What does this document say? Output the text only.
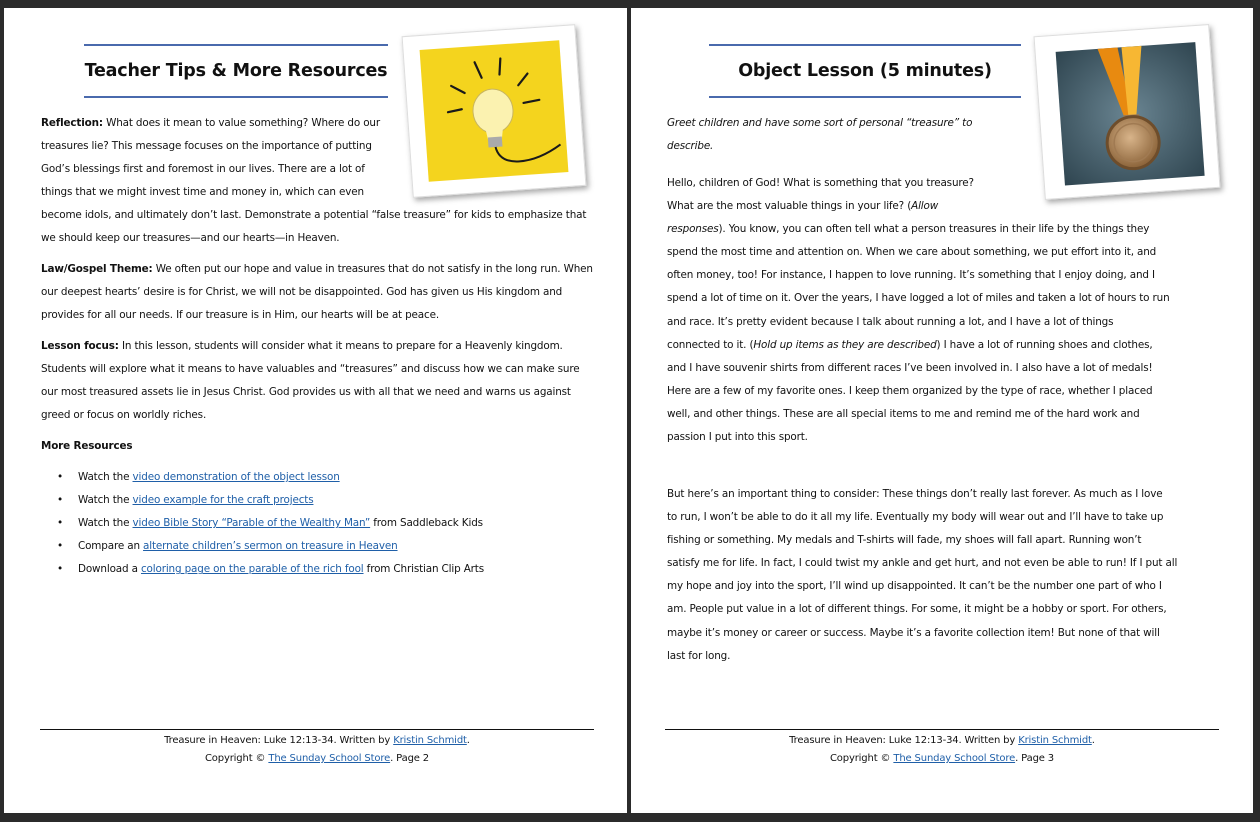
Teacher Tips & More Resources

Reflection: What does it mean to value something? Where do our
treasures lie? This message focuses on the importance of putting
God’s blessings first and foremost in our lives. There are a lot of
things that we might invest time and money in, which can even

become idols, and ultimately don’t last. Demonstrate a potential “false treasure” for kids to emphasize that
we should keep our treasures—and our hearts—in Heaven.

Law/Gospel Theme: We often put our hope and value in treasures that do not satisfy in the long run. When
our deepest hearts’ desire is for Christ, we will not be disappointed. God has given us His kingdom and
provides for all our needs. If our treasure is in Him, our hearts will be at peace.

Lesson focus: In this lesson, students will consider what it means to prepare for a Heavenly kingdom.
Students will explore what it means to have valuables and “treasures” and discuss how we can make sure
our most treasured assets lie in Jesus Christ. God provides us with all that we need and warns us against
greed or focus on worldly riches.

More Resources

• Watch the video demonstration of the object lesson
• Watch the video example for the craft projects
• Watch the video Bible Story “Parable of the Wealthy Man” from Saddleback Kids
• Compare an alternate children’s sermon on treasure in Heaven
• Download a coloring page on the parable of the rich fool from Christian Clip Arts
Treasure in Heaven: Luke 12:13-34. Written by Kristin Schmidt.
Copyright © The Sunday School Store. Page 2
Object Lesson (5 minutes)

Greet children and have some sort of personal “treasure” to
describe.

Hello, children of God! What is something that you treasure?
What are the most valuable things in your life? (Allow
responses). You know, you can often tell what a person treasures in their life by the things they
spend the most time and attention on. When we care about something, we put effort into it, and
often money, too! For instance, I happen to love running. It’s something that I enjoy doing, and I
spend a lot of time on it. Over the years, I have logged a lot of miles and taken a lot of hours to run
and race. It’s pretty evident because I talk about running a lot, and I have a lot of things
connected to it. (Hold up items as they are described) I have a lot of running shoes and clothes,
and I have souvenir shirts from different races I’ve been involved in. I also have a lot of medals!
Here are a few of my favorite ones. I keep them organized by the type of race, whether I placed
well, and other things. These are all special items to me and remind me of the hard work and
passion I put into this sport.

But here’s an important thing to consider: These things don’t really last forever. As much as I love
to run, I won’t be able to do it all my life. Eventually my body will wear out and I’ll have to take up
fishing or something. My medals and T-shirts will fade, my shoes will fall apart. Running won’t
satisfy me for life. In fact, I could twist my ankle and get hurt, and not even be able to run! If I put all
my hope and joy into the sport, I’ll wind up disappointed. It can’t be the number one part of who I
am. People put value in a lot of different things. For some, it might be a hobby or sport. For others,
maybe it’s money or career or success. Maybe it’s a favorite collection item! But none of that will
last for long.

Treasure in Heaven: Luke 12:13-34. Written by Kristin Schmidt.
Copyright © The Sunday School Store. Page 3
